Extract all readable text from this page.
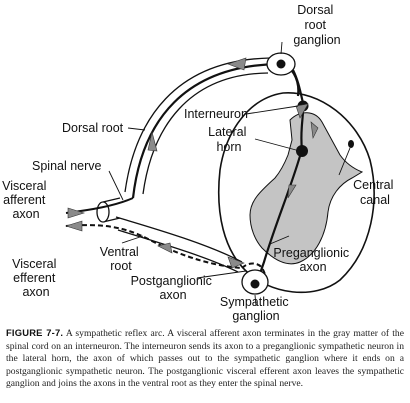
Dorsal root ganglion
Interneuron
Lateral horn
Dorsal root
Spinal nerve
Visceral afferent axon
Central canal
Ventral root
Visceral efferent axon
Postganglionic axon
Preganglionic axon
Sympathetic ganglion
FIGURE 7-7. A sympathetic reflex arc. A visceral afferent axon terminates in the gray matter of the spinal cord on an interneuron. The interneuron sends its axon to a preganglionic sympathetic neuron in the lateral horn, the axon of which passes out to the sympathetic ganglion where it ends on a postganglionic sympathetic neuron. The postganglionic visceral efferent axon leaves the sympathetic ganglion and joins the axons in the ventral root as they enter the spinal nerve.
